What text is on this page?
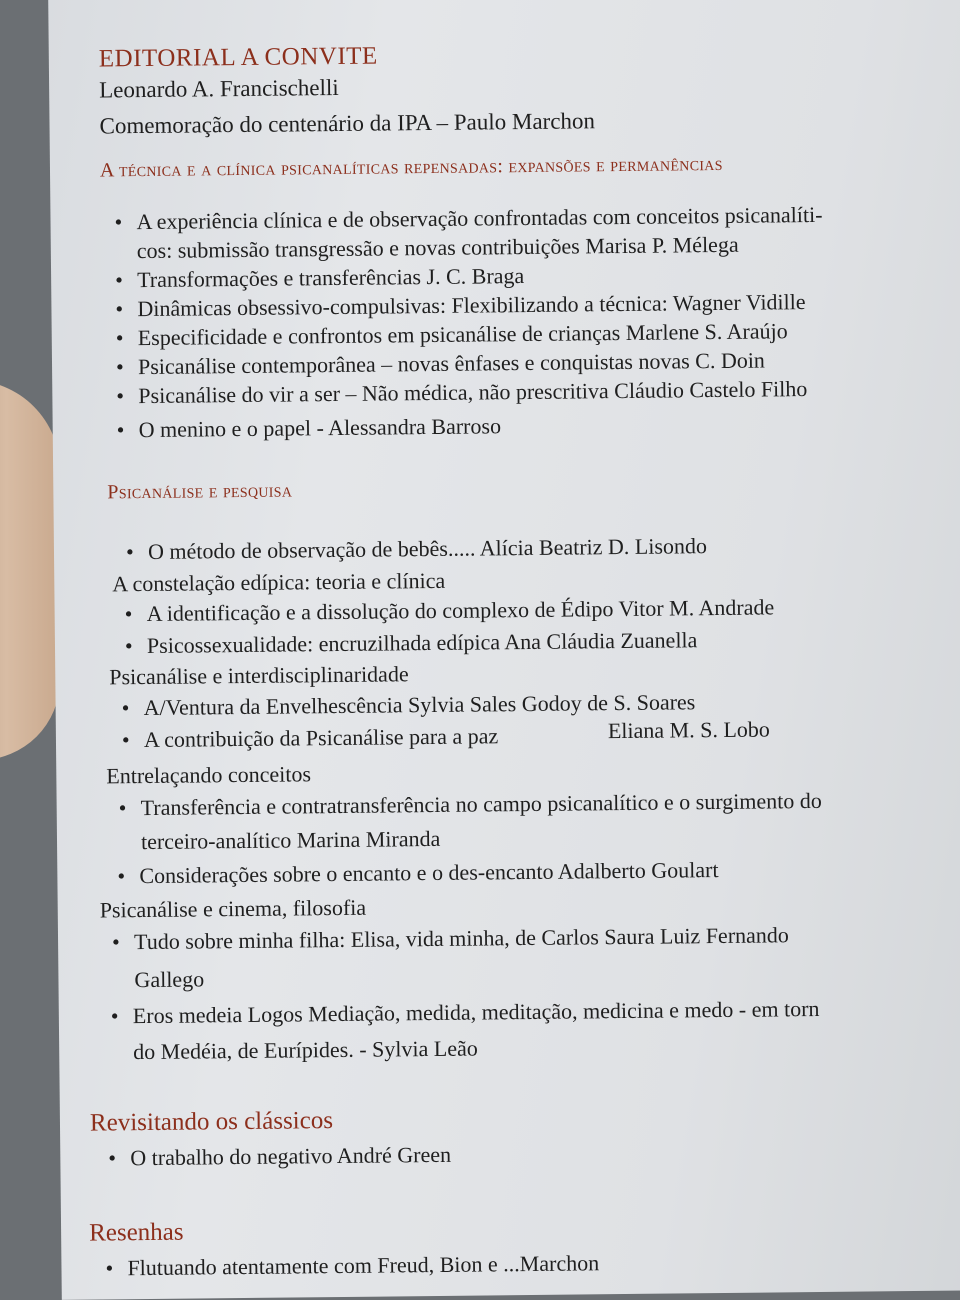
EDITORIAL A CONVITE
Leonardo A. Francischelli
Comemoração do centenário da IPA – Paulo Marchon
A técnica e a clínica psicanalíticas repensadas: expansões e permanências
• A experiência clínica e de observação confrontadas com conceitos psicanalíti-
cos: submissão transgressão e novas contribuições Marisa P. Mélega
• Transformações e transferências J. C. Braga
• Dinâmicas obsessivo-compulsivas: Flexibilizando a técnica: Wagner Vidille
• Especificidade e confrontos em psicanálise de crianças Marlene S. Araújo
• Psicanálise contemporânea – novas ênfases e conquistas novas C. Doin
• Psicanálise do vir a ser – Não médica, não prescritiva Cláudio Castelo Filho
• O menino e o papel - Alessandra Barroso
Psicanálise e pesquisa
• O método de observação de bebês..... Alícia Beatriz D. Lisondo
A constelação edípica: teoria e clínica
• A identificação e a dissolução do complexo de Édipo Vitor M. Andrade
• Psicossexualidade: encruzilhada edípica Ana Cláudia Zuanella
Psicanálise e interdisciplinaridade
• A/Ventura da Envelhescência Sylvia Sales Godoy de S. Soares
• A contribuição da Psicanálise para a paz	Eliana M. S. Lobo
Entrelaçando conceitos
• Transferência e contratransferência no campo psicanalítico e o surgimento do
terceiro-analítico Marina Miranda
• Considerações sobre o encanto e o des-encanto Adalberto Goulart
Psicanálise e cinema, filosofia
• Tudo sobre minha filha: Elisa, vida minha, de Carlos Saura Luiz Fernando
Gallego
• Eros medeia Logos Mediação, medida, meditação, medicina e medo - em torn
do Medéia, de Eurípides. - Sylvia Leão
Revisitando os clássicos
• O trabalho do negativo André Green
Resenhas
• Flutuando atentamente com Freud, Bion e ...Marchon
